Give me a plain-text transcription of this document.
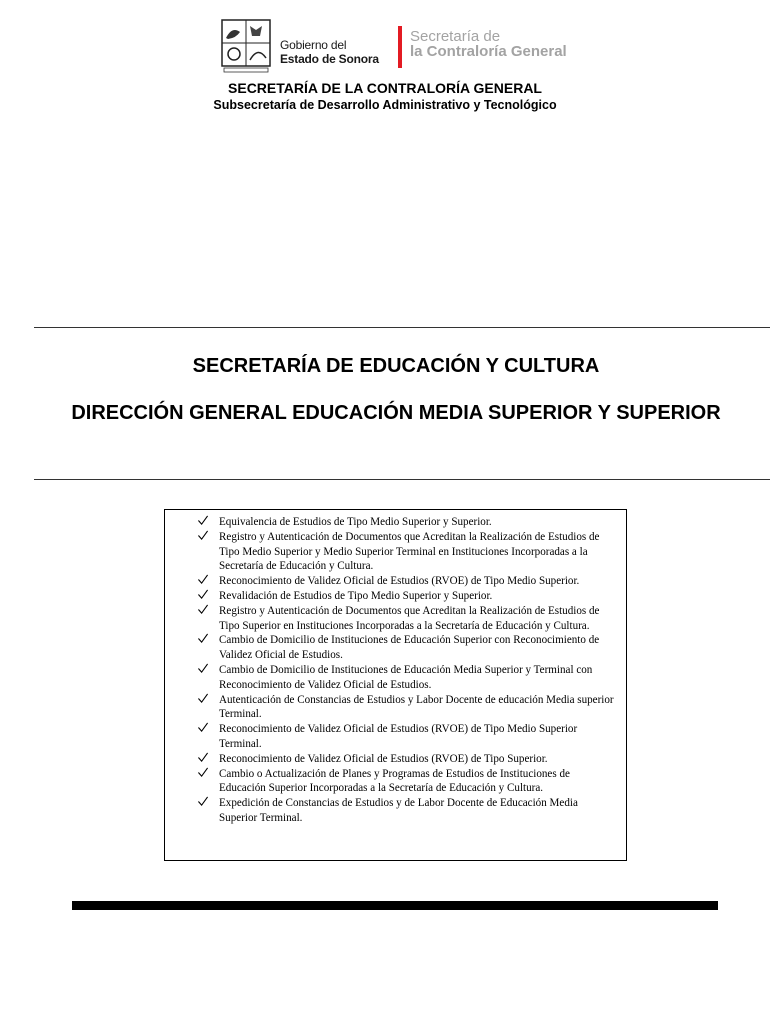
Gobierno del
Estado de Sonora
Secretaría de
la Contraloría General
SECRETARÍA DE LA CONTRALORÍA GENERAL
Subsecretaría de Desarrollo Administrativo y Tecnológico
SECRETARÍA DE EDUCACIÓN Y CULTURA
DIRECCIÓN GENERAL EDUCACIÓN MEDIA SUPERIOR Y SUPERIOR
Equivalencia de Estudios de Tipo Medio Superior y Superior.
Registro y Autenticación de Documentos que Acreditan la Realización de Estudios de Tipo Medio Superior y Medio Superior Terminal en Instituciones Incorporadas a la Secretaría de Educación y Cultura.
Reconocimiento de Validez Oficial de Estudios (RVOE) de Tipo Medio Superior.
Revalidación de Estudios de Tipo Medio Superior y Superior.
Registro y Autenticación de Documentos que Acreditan la Realización de Estudios de Tipo Superior en Instituciones Incorporadas a la Secretaría de Educación y Cultura.
Cambio de Domicilio de Instituciones de Educación Superior con Reconocimiento de Validez Oficial de Estudios.
Cambio de Domicilio de Instituciones de Educación Media Superior y Terminal con Reconocimiento de Validez Oficial de Estudios.
Autenticación de Constancias de Estudios y Labor Docente de educación Media superior Terminal.
Reconocimiento de Validez Oficial de Estudios (RVOE) de Tipo Medio Superior Terminal.
Reconocimiento de Validez Oficial de Estudios (RVOE) de Tipo Superior.
Cambio o Actualización de Planes y Programas de Estudios de Instituciones de Educación Superior Incorporadas a la Secretaría de Educación y Cultura.
Expedición de Constancias de Estudios y de Labor Docente de Educación Media Superior Terminal.
